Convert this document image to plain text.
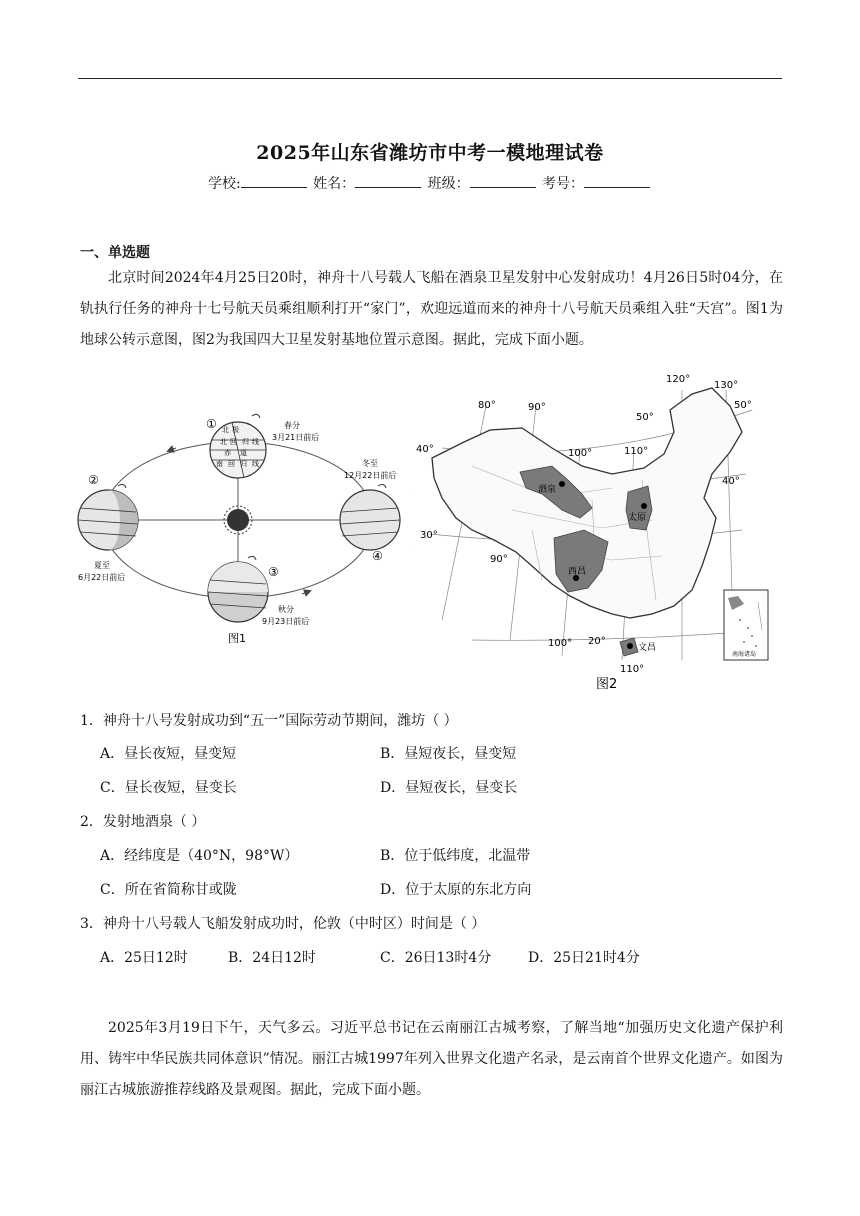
2025年山东省潍坊市中考一模地理试卷
学校:	姓名：	班级：	考号：
一、单选题
北京时间2024年4月25日20时，神舟十八号载人飞船在酒泉卫星发射中心发射成功！4月26日5时04分，在轨执行任务的神舟十七号航天员乘组顺利打开“家门”，欢迎远道而来的神舟十八号航天员乘组入驻“天宫”。图1为地球公转示意图，图2为我国四大卫星发射基地位置示意图。据此，完成下面小题。
北 极
北 回 归 线
赤 道
南 回 归 线
①	春分
3月21日前后
②
夏至
6月22日前后	③
秋分
9月23日前后
④
冬至
12月22日前后
图1
酒泉
太原
西昌
文昌
80°	90°
100°	110°
120°
130°
90°
100°
110°
50°
50°
40°
40°
30°
20°
南海诸岛
图2
1．神舟十八号发射成功到“五一”国际劳动节期间，潍坊（ ）
A．昼长夜短，昼变短	B．昼短夜长，昼变短
C．昼长夜短，昼变长	D．昼短夜长，昼变长
2．发射地酒泉（ ）
A．经纬度是（40°N，98°W）	B．位于低纬度，北温带
C．所在省简称甘或陇	D．位于太原的东北方向
3．神舟十八号载人飞船发射成功时，伦敦（中时区）时间是（ ）
A．25日12时	B．24日12时	C．26日13时4分	D．25日21时4分
2025年3月19日下午，天气多云。习近平总书记在云南丽江古城考察，了解当地“加强历史文化遗产保护利用、铸牢中华民族共同体意识”情况。丽江古城1997年列入世界文化遗产名录，是云南首个世界文化遗产。如图为丽江古城旅游推荐线路及景观图。据此，完成下面小题。
